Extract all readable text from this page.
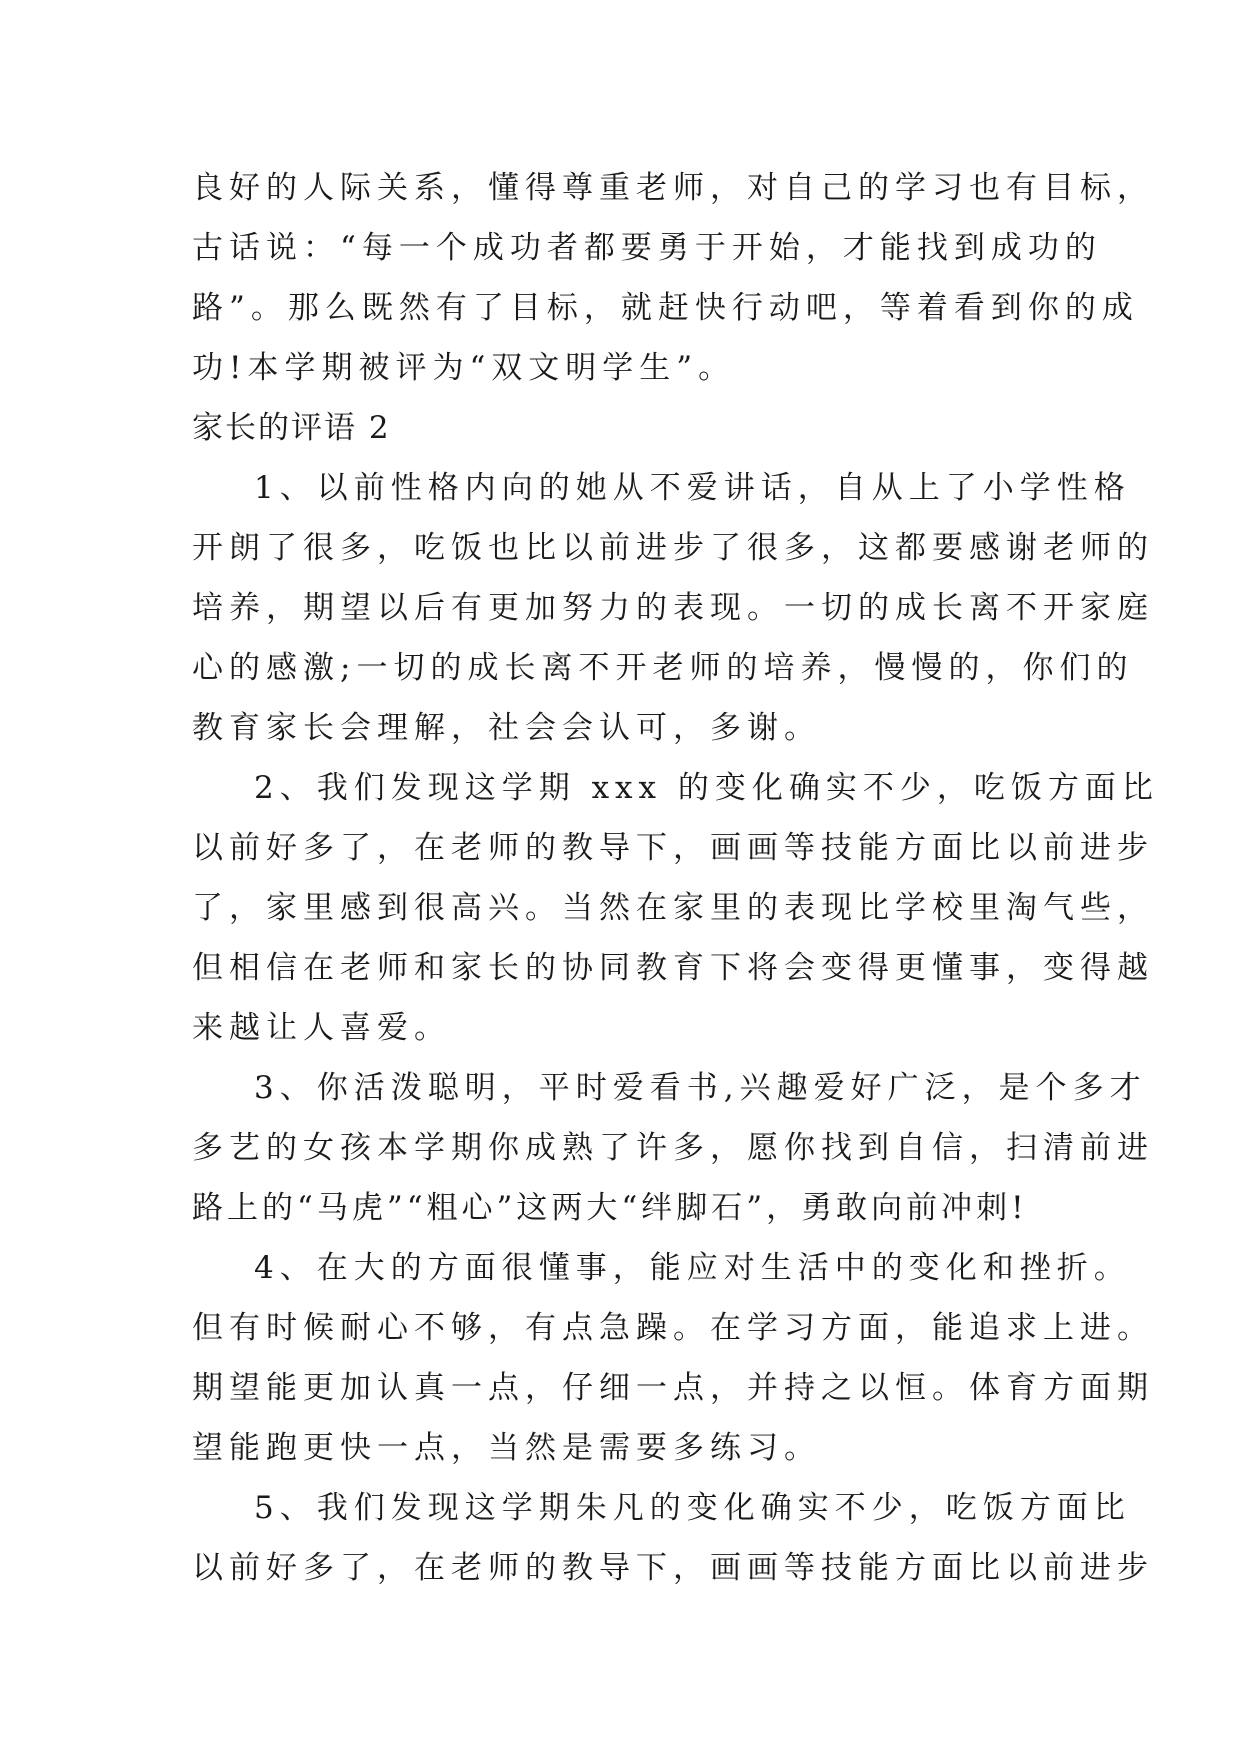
良好的人际关系，懂得尊重老师，对自己的学习也有目标，
古话说：“每一个成功者都要勇于开始，才能找到成功的
路”。那么既然有了目标，就赶快行动吧，等着看到你的成
功!本学期被评为“双文明学生”。
家长的评语 2
1、以前性格内向的她从不爱讲话，自从上了小学性格
开朗了很多，吃饭也比以前进步了很多，这都要感谢老师的
培养，期望以后有更加努力的表现。一切的成长离不开家庭
心的感激;一切的成长离不开老师的培养，慢慢的，你们的
教育家长会理解，社会会认可，多谢。
2、我们发现这学期 xxx 的变化确实不少，吃饭方面比
以前好多了，在老师的教导下，画画等技能方面比以前进步
了，家里感到很高兴。当然在家里的表现比学校里淘气些，
但相信在老师和家长的协同教育下将会变得更懂事，变得越
来越让人喜爱。
3、你活泼聪明，平时爱看书,兴趣爱好广泛，是个多才
多艺的女孩本学期你成熟了许多，愿你找到自信，扫清前进
路上的“马虎”“粗心”这两大“绊脚石”，勇敢向前冲刺!
4、在大的方面很懂事，能应对生活中的变化和挫折。
但有时候耐心不够，有点急躁。在学习方面，能追求上进。
期望能更加认真一点，仔细一点，并持之以恒。体育方面期
望能跑更快一点，当然是需要多练习。
5、我们发现这学期朱凡的变化确实不少，吃饭方面比
以前好多了，在老师的教导下，画画等技能方面比以前进步
